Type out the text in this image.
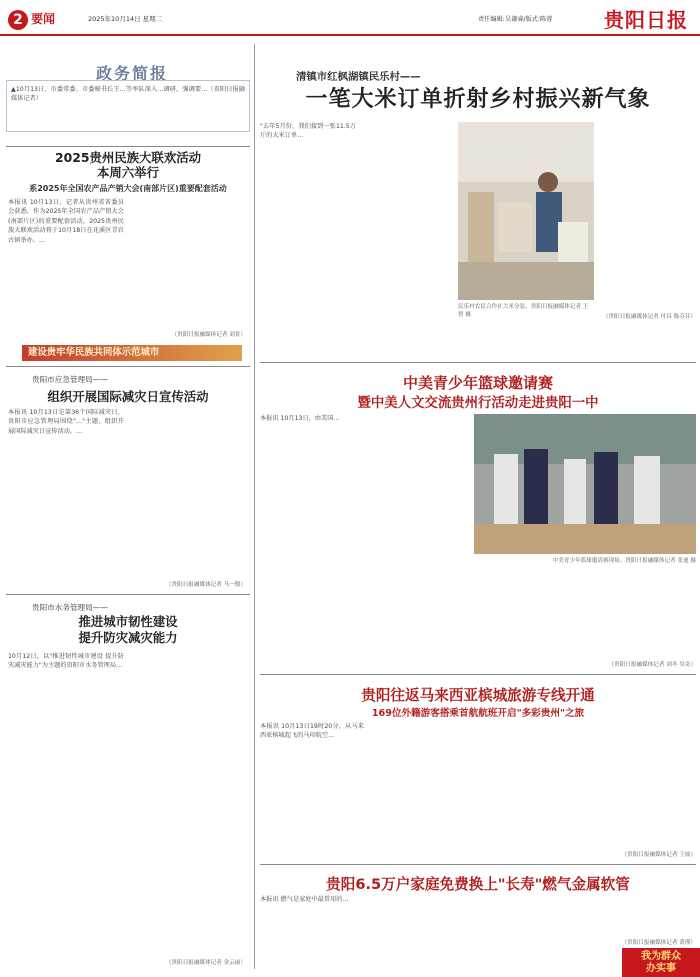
2 要闻	2025年10月14日 星期二	责任编辑:吴谦睿/版式:陈蓉	贵阳日报
政务简报
▲10月13日，市委常委、市委秘书长王…等率队深入…调研，强调要…（贵阳日报融媒体记者）
2025贵州民族大联欢活动
本周六举行
系2025年全国农产品产销大会(南部片区)重要配套活动
本报讯 10月13日，记者从贵州省省委员会获悉，作为2025年全国农产品产销大会(南部片区)的重要配套活动，2025贵州民族大联欢活动将于10月18日在花溪区青岩古镇举办。…
（贵阳日报融媒体记者 刘景）
建设贵牢华民族共同体示范城市
贵阳市应急管理局——
组织开展国际减灾日宣传活动
本报讯 10月13日是第36个国际减灾日，贵阳市应急管理局围绕"…"主题，组织开展国际减灾日宣传活动。…
（贵阳日报融媒体记者 马一镖）
贵阳市水务管理局——
推进城市韧性建设
提升防灾减灾能力
10月12日，以"推进韧性城市建设 提升防灾减灾能力"为主题的贵阳市水务管理局…
（贵阳日报融媒体记者 金云丽）
清镇市红枫湖镇民乐村——
一笔大米订单折射乡村振兴新气象
"去年5月份，我们接到一张11.5万斤的大米订单…
民乐村农民合作社大米分装。贵阳日报融媒体记者 王智 摄	（贵阳日报融媒体记者 付昌 陈芬芬）
中美青少年篮球邀请赛
暨中美人文交流贵州行活动走进贵阳一中
本报讯 10月13日，由美国…
中美青少年篮球邀请赛现场。贵阳日报融媒体记者 张迪 摄
（贵阳日报融媒体记者 刘冬 吴奇）
贵阳往返马来西亚槟城旅游专线开通
169位外籍游客搭乘首航航班开启"多彩贵州"之旅
本报讯 10月13日19时20分，从马来西亚槟城起飞的马印航空…
（贵阳日报融媒体记者 王灿）
贵阳6.5万户家庭免费换上"长寿"燃气金属软管
本报讯 燃气是家庭中最常用的…
（贵阳日报融媒体记者 黄瑾）
我为群众
办实事
